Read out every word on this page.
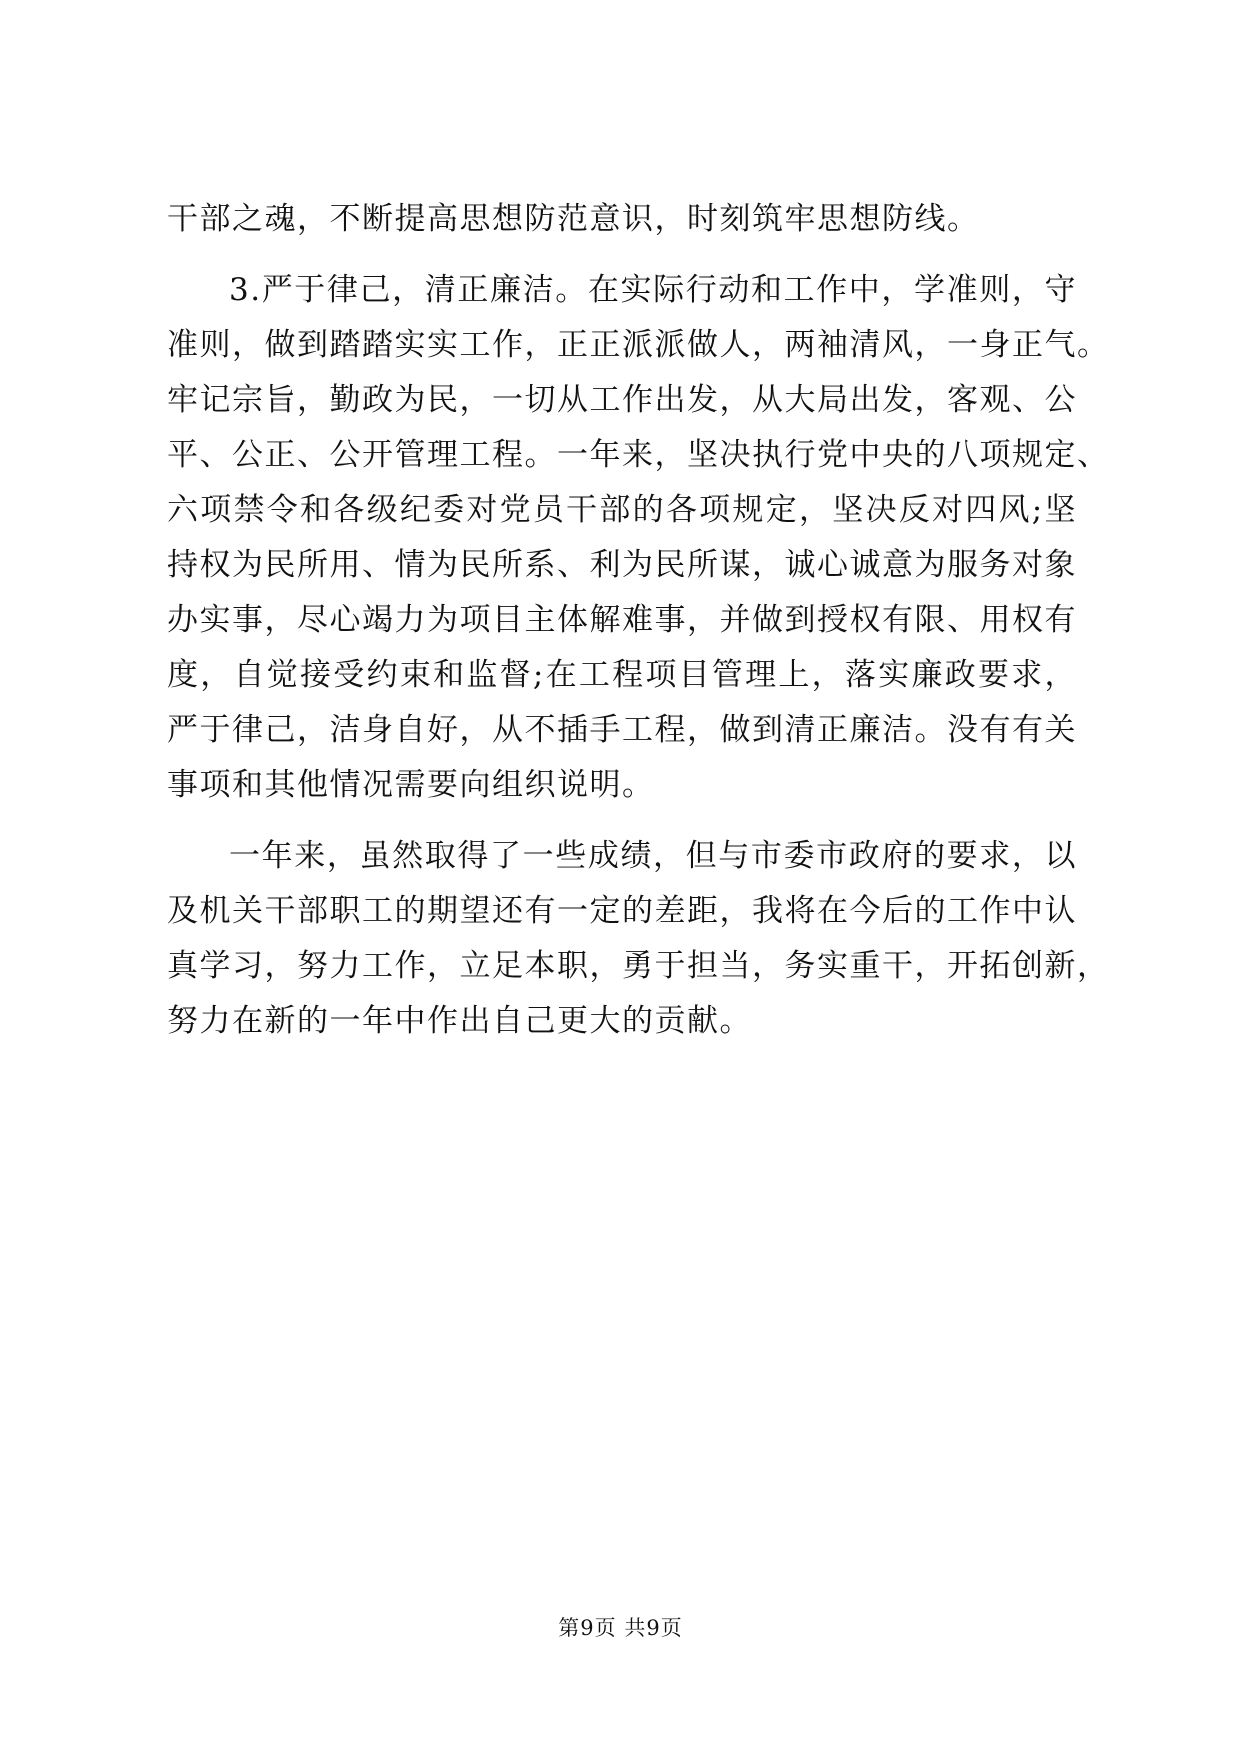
干部之魂，不断提高思想防范意识，时刻筑牢思想防线。
3.严于律己，清正廉洁。在实际行动和工作中，学准则，守
准则，做到踏踏实实工作，正正派派做人，两袖清风，一身正气。
牢记宗旨，勤政为民，一切从工作出发，从大局出发，客观、公
平、公正、公开管理工程。一年来，坚决执行党中央的八项规定、
六项禁令和各级纪委对党员干部的各项规定，坚决反对四风;坚
持权为民所用、情为民所系、利为民所谋，诚心诚意为服务对象
办实事，尽心竭力为项目主体解难事，并做到授权有限、用权有
度，自觉接受约束和监督;在工程项目管理上，落实廉政要求，
严于律己，洁身自好，从不插手工程，做到清正廉洁。没有有关
事项和其他情况需要向组织说明。
一年来，虽然取得了一些成绩，但与市委市政府的要求，以
及机关干部职工的期望还有一定的差距，我将在今后的工作中认
真学习，努力工作，立足本职，勇于担当，务实重干，开拓创新，
努力在新的一年中作出自己更大的贡献。
第9页 共9页
